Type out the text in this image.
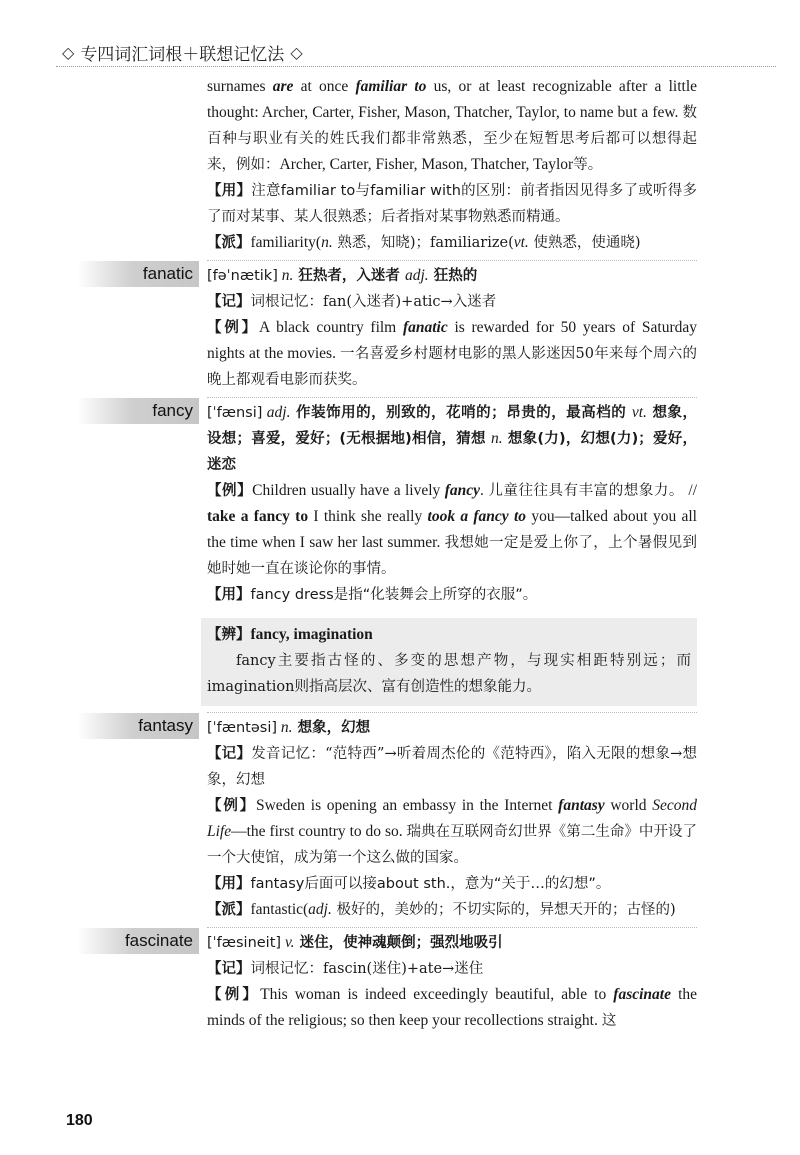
◇ 专四词汇词根＋联想记忆法 ◇

surnames are at once familiar to us, or at least recognizable after a little thought: Archer, Carter, Fisher, Mason, Thatcher, Taylor, to name but a few. 数百种与职业有关的姓氏我们都非常熟悉，至少在短暂思考后都可以想得起来，例如：Archer, Carter, Fisher, Mason, Thatcher, Taylor等。

【用】注意familiar to与familiar with的区别：前者指因见得多了或听得多了而对某事、某人很熟悉；后者指对某事物熟悉而精通。

【派】familiarity(n. 熟悉，知晓)；familiarize(vt. 使熟悉，使通晓)

fanatic [fəˈnætik] n. 狂热者，入迷者 adj. 狂热的

【记】词根记忆：fan(入迷者)+atic→入迷者

【例】A black country film fanatic is rewarded for 50 years of Saturday nights at the movies. 一名喜爱乡村题材电影的黑人影迷因50年来每个周六的晚上都观看电影而获奖。

fancy [ˈfænsi] adj. 作装饰用的，别致的，花哨的；昂贵的，最高档的 vt. 想象，设想；喜爱，爱好；(无根据地)相信，猜想 n. 想象(力)，幻想(力)；爱好，迷恋

【例】Children usually have a lively fancy. 儿童往往具有丰富的想象力。 // take a fancy to I think she really took a fancy to you—talked about you all the time when I saw her last summer. 我想她一定是爱上你了，上个暑假见到她时她一直在谈论你的事情。

【用】fancy dress是指“化装舞会上所穿的衣服”。

【辨】fancy, imagination

fancy主要指古怪的、多变的思想产物，与现实相距特别远；而imagination则指高层次、富有创造性的想象能力。

fantasy [ˈfæntəsi] n. 想象，幻想

【记】发音记忆：“范特西”→听着周杰伦的《范特西》，陷入无限的想象→想象，幻想

【例】Sweden is opening an embassy in the Internet fantasy world Second Life—the first country to do so. 瑞典在互联网奇幻世界《第二生命》中开设了一个大使馆，成为第一个这么做的国家。

【用】fantasy后面可以接about sth.，意为“关于…的幻想”。

【派】fantastic(adj. 极好的，美妙的；不切实际的，异想天开的；古怪的)

fascinate [ˈfæsineit] v. 迷住，使神魂颠倒；强烈地吸引

【记】词根记忆：fascin(迷住)+ate→迷住

【例】This woman is indeed exceedingly beautiful, able to fascinate the minds of the religious; so then keep your recollections straight. 这

180
